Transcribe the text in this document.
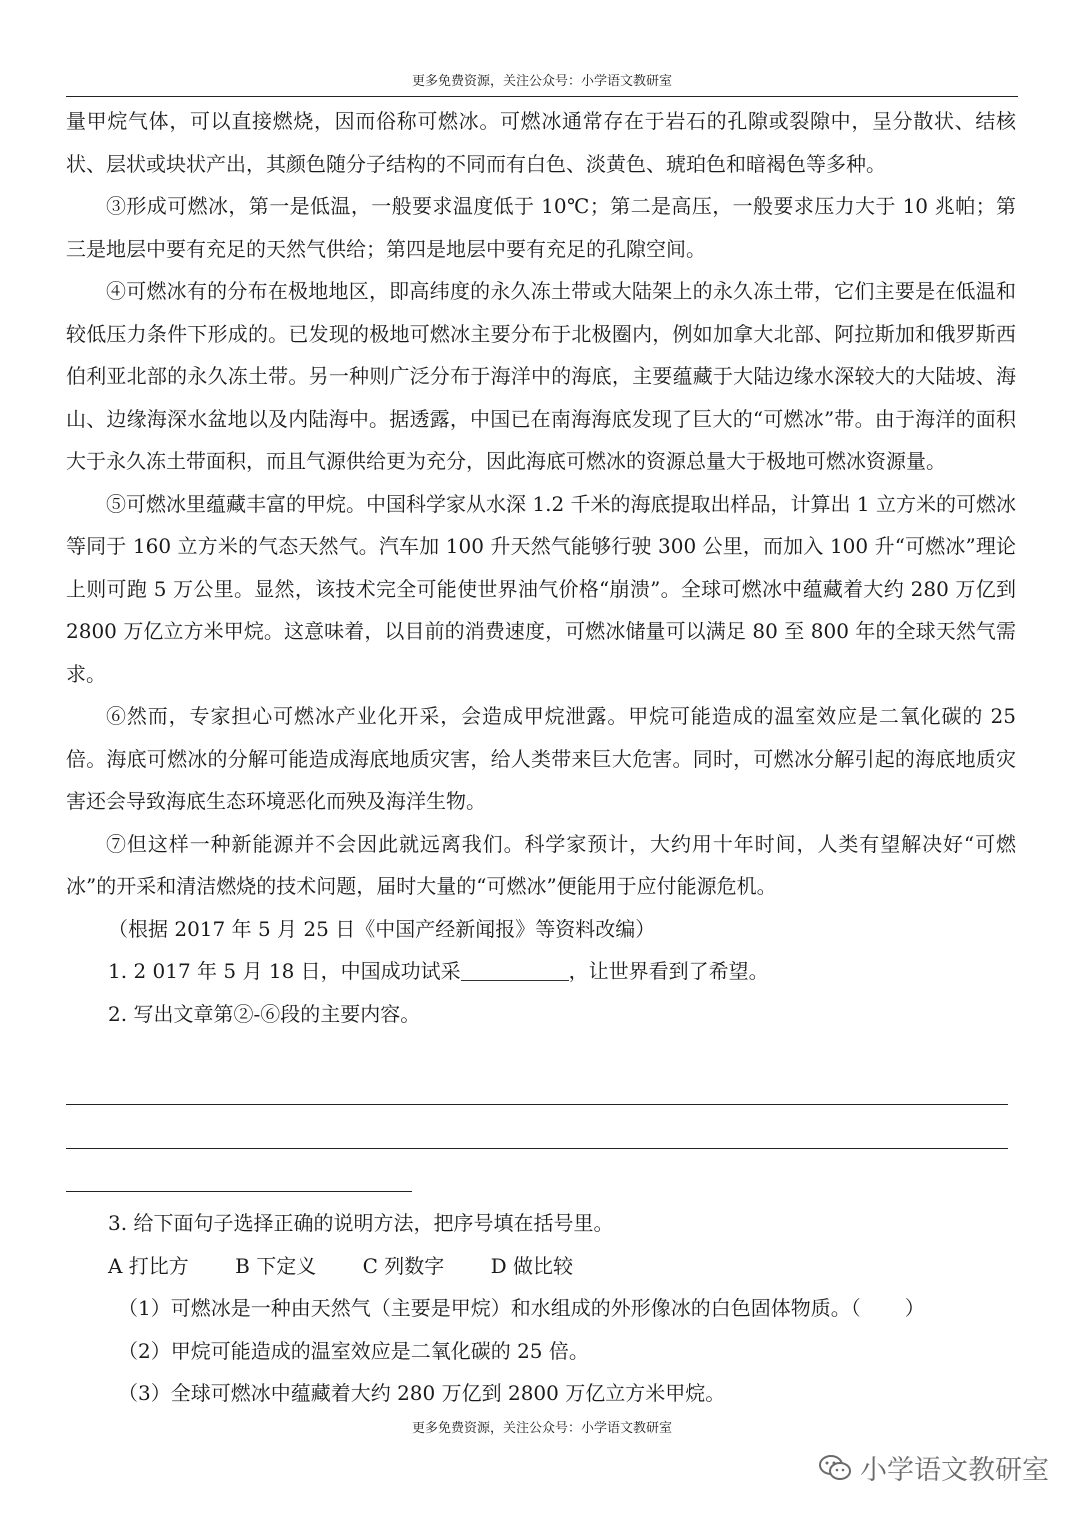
更多免费资源，关注公众号：小学语文教研室

量甲烷气体，可以直接燃烧，因而俗称可燃冰。可燃冰通常存在于岩石的孔隙或裂隙中，呈分散状、结核状、层状或块状产出，其颜色随分子结构的不同而有白色、淡黄色、琥珀色和暗褐色等多种。

③形成可燃冰，第一是低温，一般要求温度低于 10℃；第二是高压，一般要求压力大于 10 兆帕；第三是地层中要有充足的天然气供给；第四是地层中要有充足的孔隙空间。

④可燃冰有的分布在极地地区，即高纬度的永久冻土带或大陆架上的永久冻土带，它们主要是在低温和较低压力条件下形成的。已发现的极地可燃冰主要分布于北极圈内，例如加拿大北部、阿拉斯加和俄罗斯西伯利亚北部的永久冻土带。另一种则广泛分布于海洋中的海底，主要蕴藏于大陆边缘水深较大的大陆坡、海山、边缘海深水盆地以及内陆海中。据透露，中国已在南海海底发现了巨大的“可燃冰”带。由于海洋的面积大于永久冻土带面积，而且气源供给更为充分，因此海底可燃冰的资源总量大于极地可燃冰资源量。

⑤可燃冰里蕴藏丰富的甲烷。中国科学家从水深 1.2 千米的海底提取出样品，计算出 1 立方米的可燃冰等同于 160 立方米的气态天然气。汽车加 100 升天然气能够行驶 300 公里，而加入 100 升“可燃冰”理论上则可跑 5 万公里。显然，该技术完全可能使世界油气价格“崩溃”。全球可燃冰中蕴藏着大约 280 万亿到 2800 万亿立方米甲烷。这意味着，以目前的消费速度，可燃冰储量可以满足 80 至 800 年的全球天然气需求。

⑥然而，专家担心可燃冰产业化开采，会造成甲烷泄露。甲烷可能造成的温室效应是二氧化碳的 25 倍。海底可燃冰的分解可能造成海底地质灾害，给人类带来巨大危害。同时，可燃冰分解引起的海底地质灾害还会导致海底生态环境恶化而殃及海洋生物。

⑦但这样一种新能源并不会因此就远离我们。科学家预计，大约用十年时间，人类有望解决好“可燃冰”的开采和清洁燃烧的技术问题，届时大量的“可燃冰”便能用于应付能源危机。

（根据 2017 年 5 月 25 日《中国产经新闻报》等资料改编）

1. 2 017 年 5 月 18 日，中国成功试采	，让世界看到了希望。

2. 写出文章第②-⑥段的主要内容。

3. 给下面句子选择正确的说明方法，把序号填在括号里。

A 打比方 B 下定义 C 列数字 D 做比较

（1）可燃冰是一种由天然气（主要是甲烷）和水组成的外形像冰的白色固体物质。（ ）

（2）甲烷可能造成的温室效应是二氧化碳的 25 倍。

（3）全球可燃冰中蕴藏着大约 280 万亿到 2800 万亿立方米甲烷。

更多免费资源，关注公众号：小学语文教研室
小学语文教研室
